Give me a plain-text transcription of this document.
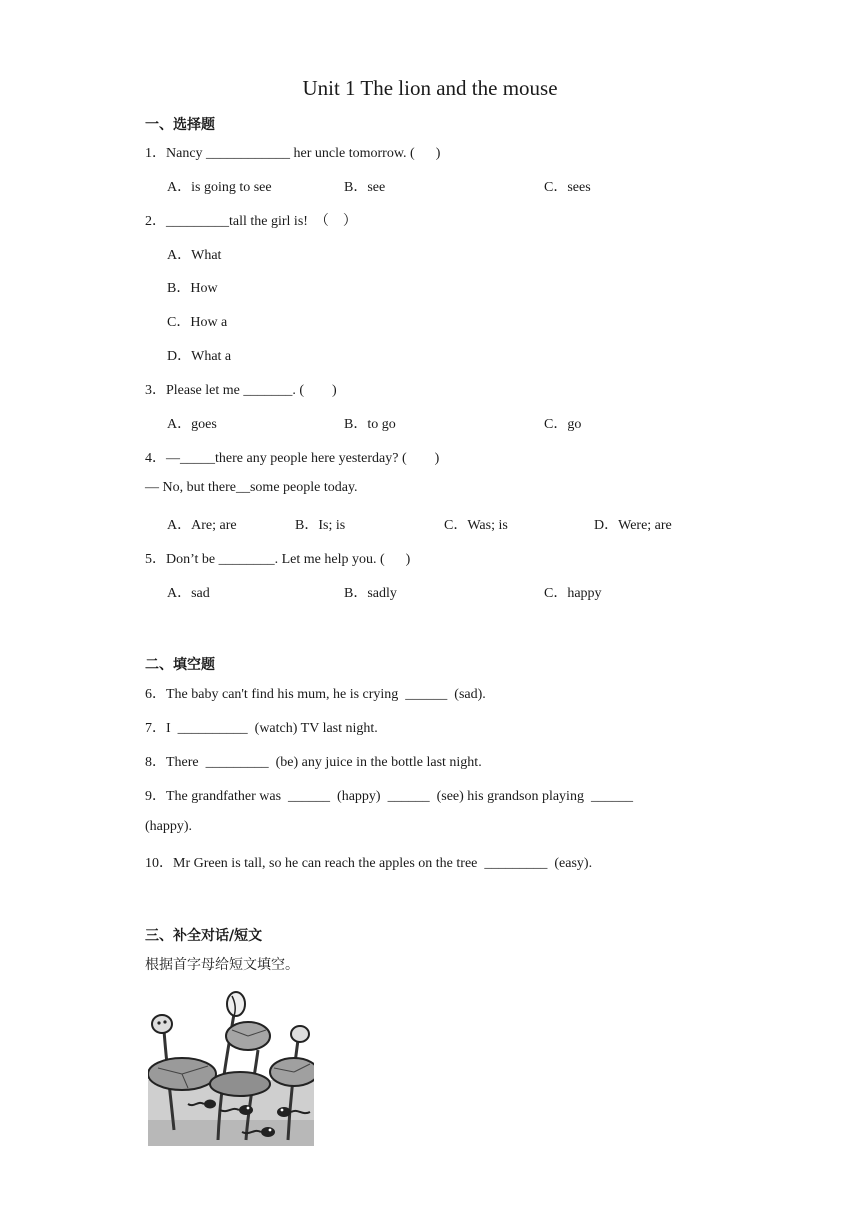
Unit 1 The lion and the mouse
一、选择题
1．Nancy ____________ her uncle tomorrow. (      )
A．is going to see	B．see	C．sees
2．_________tall the girl is!  （    ）
A．What
B．How
C．How a
D．What a
3．Please let me _______. (        )
A．goes	B．to go	C．go
4．—_____there any people here yesterday? (        )
— No, but there__some people today.
A．Are; are	B．Is; is	C．Was; is	D．Were; are
5．Don’t be ________. Let me help you. (      )
A．sad	B．sadly	C．happy
二、填空题
6．The baby can't find his mum, he is crying  ______  (sad).
7．I  __________  (watch) TV last night.
8．There  _________  (be) any juice in the bottle last night.
9．The grandfather was  ______  (happy)  ______  (see) his grandson playing  ______
(happy).
10．Mr Green is tall, so he can reach the apples on the tree  _________  (easy).
三、补全对话/短文
根据首字母给短文填空。
